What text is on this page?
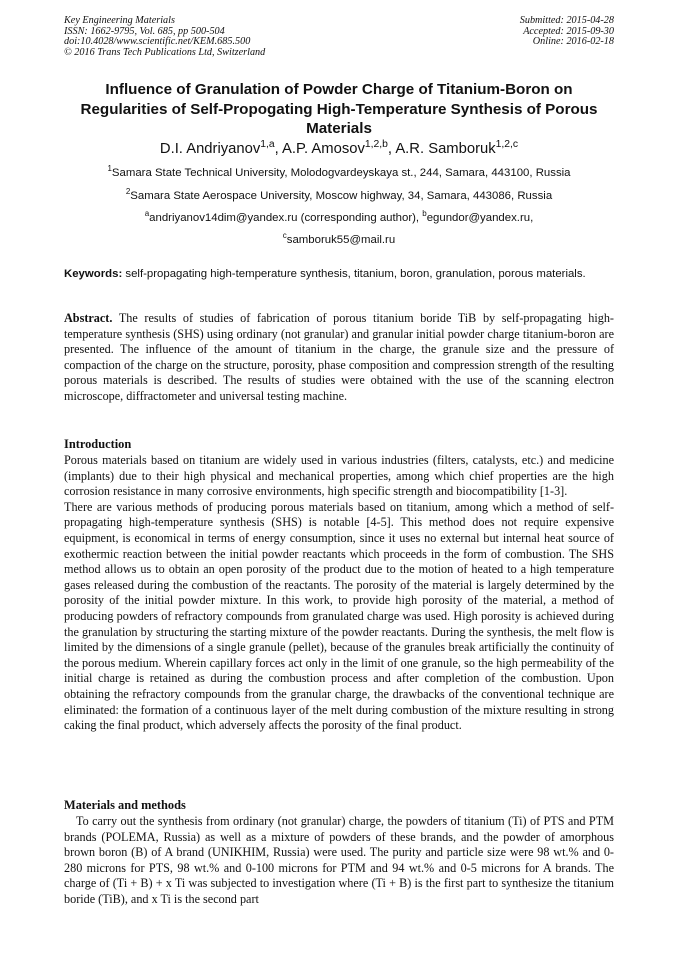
Key Engineering Materials
ISSN: 1662-9795, Vol. 685, pp 500-504
doi:10.4028/www.scientific.net/KEM.685.500
© 2016 Trans Tech Publications Ltd, Switzerland
Submitted: 2015-04-28
Accepted: 2015-09-30
Online: 2016-02-18
Influence of Granulation of Powder Charge of Titanium-Boron on Regularities of Self-Propogating High-Temperature Synthesis of Porous Materials
D.I. Andriyanov$^{1,a}$, A.P. Amosov$^{1,2,b}$, A.R. Samboruk$^{1,2,c}$
$^1$Samara State Technical University, Molodogvardeyskaya st., 244, Samara, 443100, Russia
$^2$Samara State Aerospace University, Moscow highway, 34, Samara, 443086, Russia
$^a$andriyanov14dim@yandex.ru (corresponding author), $^b$egundor@yandex.ru,
$^c$samboruk55@mail.ru
Keywords: self-propagating high-temperature synthesis, titanium, boron, granulation, porous materials.
Abstract. The results of studies of fabrication of porous titanium boride TiB by self-propagating high-temperature synthesis (SHS) using ordinary (not granular) and granular initial powder charge titanium-boron are presented. The influence of the amount of titanium in the charge, the granule size and the pressure of compaction of the charge on the structure, porosity, phase composition and compression strength of the resulting porous materials is described. The results of studies were obtained with the use of the scanning electron microscope, diffractometer and universal testing machine.
Introduction

Porous materials based on titanium are widely used in various industries (filters, catalysts, etc.) and medicine (implants) due to their high physical and mechanical properties, among which chief properties are the high corrosion resistance in many corrosive environments, high specific strength and biocompatibility [1-3].

There are various methods of producing porous materials based on titanium, among which a method of self-propagating high-temperature synthesis (SHS) is notable [4-5]. This method does not require expensive equipment, is economical in terms of energy consumption, since it uses no external but internal heat source of exothermic reaction between the initial powder reactants which proceeds in the form of combustion. The SHS method allows us to obtain an open porosity of the product due to the motion of heated to a high temperature gases released during the combustion of the reactants. The porosity of the material is largely determined by the porosity of the initial powder mixture. In this work, to provide high porosity of the material, a method of producing powders of refractory compounds from granulated charge was used. High porosity is achieved during the granulation by structuring the starting mixture of the powder reactants. During the synthesis, the melt flow is limited by the dimensions of a single granule (pellet), because of the granules break artificially the continuity of the porous medium. Wherein capillary forces act only in the limit of one granule, so the high permeability of the initial charge is retained as during the combustion process and after completion of the combustion. Upon obtaining the refractory compounds from the granular charge, the drawbacks of the conventional technique are eliminated: the formation of a continuous layer of the melt during combustion of the mixture resulting in strong caking the final product, which adversely affects the porosity of the final product.

Materials and methods
To carry out the synthesis from ordinary (not granular) charge, the powders of titanium (Ti) of PTS and PTM brands (POLEMA, Russia) as well as a mixture of powders of these brands, and the powder of amorphous brown boron (B) of A brand (UNIKHIM, Russia) were used. The purity and particle size were 98 wt.% and 0-280 microns for PTS, 98 wt.% and 0-100 microns for PTM and 94 wt.% and 0-5 microns for A brands. The charge of (Ti + B) + x Ti was subjected to investigation where (Ti + B) is the first part to synthesize the titanium boride (TiB), and x Ti is the second part
